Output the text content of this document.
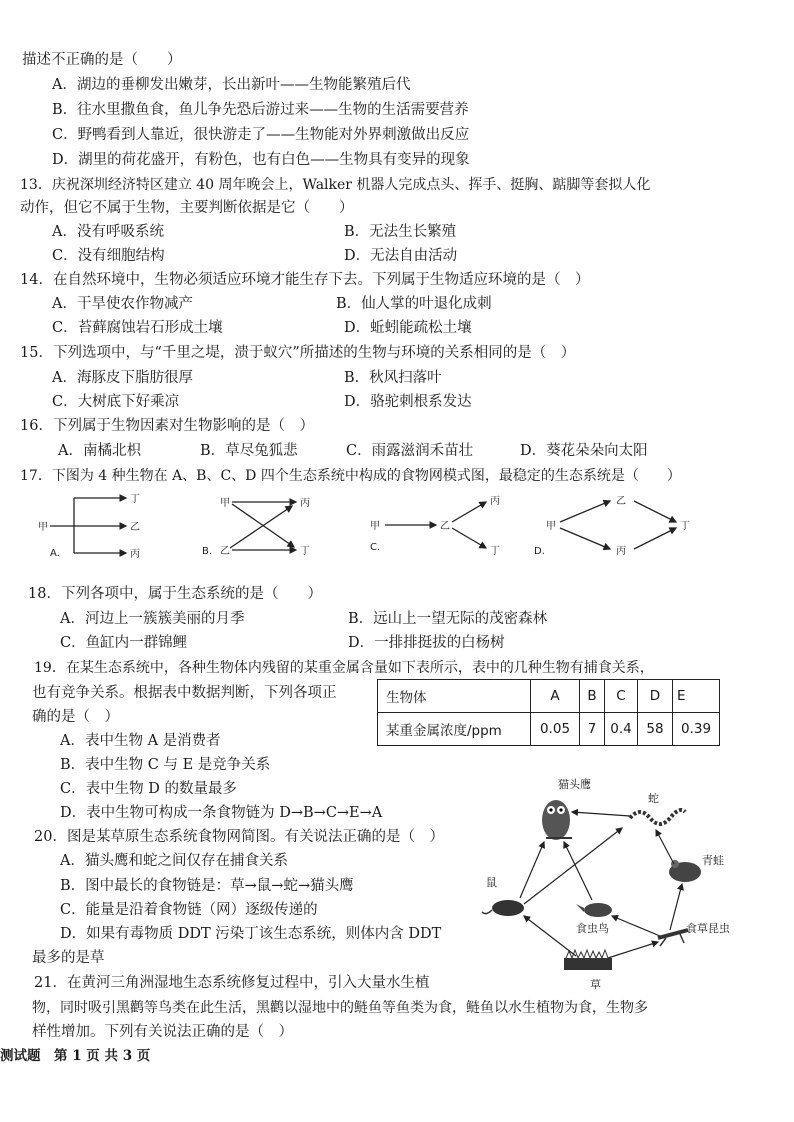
描述不正确的是（　　）
A．湖边的垂柳发出嫩芽，长出新叶——生物能繁殖后代
B．往水里撒鱼食，鱼儿争先恐后游过来——生物的生活需要营养
C．野鸭看到人靠近，很快游走了——生物能对外界刺激做出反应
D．湖里的荷花盛开，有粉色，也有白色——生物具有变异的现象
13．庆祝深圳经济特区建立 40 周年晚会上，Walker 机器人完成点头、挥手、挺胸、踮脚等套拟人化
动作，但它不属于生物，主要判断依据是它（　　）
A．没有呼吸系统	B．无法生长繁殖
C．没有细胞结构	D．无法自由活动
14．在自然环境中，生物必须适应环境才能生存下去。下列属于生物适应环境的是（　）
A．干旱使农作物减产	B．仙人掌的叶退化成刺
C．苔藓腐蚀岩石形成土壤	D．蚯蚓能疏松土壤
15．下列选项中，与“千里之堤，溃于蚁穴”所描述的生物与环境的关系相同的是（　）
A．海豚皮下脂肪很厚	B．秋风扫落叶
C．大树底下好乘凉	D．骆驼刺根系发达
16．下列属于生物因素对生物影响的是（　）
A．南橘北枳	B．草尽兔狐悲	C．雨露滋润禾苗壮	D．葵花朵朵向太阳
17．下图为 4 种生物在 A、B、C、D 四个生态系统中构成的食物网模式图，最稳定的生态系统是（　　）
甲
丁
乙
丙
A.
甲	丙
乙	丁
B.
甲	乙
丙
丁
C.
甲
乙
丙
丁
D.
18．下列各项中，属于生态系统的是（　　）
A．河边上一簇簇美丽的月季	B．远山上一望无际的茂密森林
C．鱼缸内一群锦鲤	D．一排排挺拔的白杨树
19．在某生态系统中，各种生物体内残留的某重金属含量如下表所示，表中的几种生物有捕食关系，
也有竞争关系。根据表中数据判断，下列各项正
确的是（　）
生物体	A	B	C	D	E
某重金属浓度/ppm	0.05	7	0.4	58	0.39
A．表中生物 A 是消费者
B．表中生物 C 与 E 是竞争关系
C．表中生物 D 的数量最多
D．表中生物可构成一条食物链为 D→B→C→E→A
20．图是某草原生态系统食物网简图。有关说法正确的是（　）
A．猫头鹰和蛇之间仅存在捕食关系
B．图中最长的食物链是：草→鼠→蛇→猫头鹰
C．能量是沿着食物链（网）逐级传递的
D．如果有毒物质 DDT 污染丁该生态系统，则体内含 DDT
最多的是草
猫头鹰
蛇
青蛙
鼠
食虫鸟	食草昆虫
草
21．在黄河三角洲湿地生态系统修复过程中，引入大量水生植
物，同时吸引黑鹳等鸟类在此生活，黑鹳以湿地中的鲢鱼等鱼类为食，鲢鱼以水生植物为食，生物多
样性增加。下列有关说法正确的是（　）
测试题　第 1 页 共 3 页
